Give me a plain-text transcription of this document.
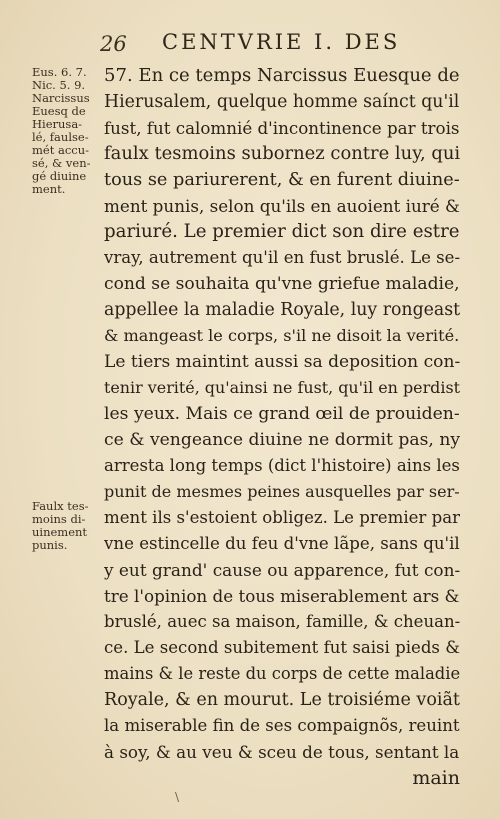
26 CENTVRIE I. DES
Eus. 6. 7.
Nic. 5. 9.
Narcissus
Euesq de
Hierusa-
lé, faulse-
mét accu-
sé, & ven-
gé diuine
ment.
Faulx tes-
moins di-
uinement
punis.
57. En ce temps Narcissus Euesque de
Hierusalem, quelque homme saínct qu'il
fust, fut calomnié d'incontinence par trois
faulx tesmoins subornez contre luy, qui
tous se pariurerent, & en furent diuine-
ment punis, selon qu'ils en auoient iuré &
pariuré. Le premier dict son dire estre
vray, autrement qu'il en fust bruslé. Le se-
cond se souhaita qu'vne griefue maladie,
appellee la maladie Royale, luy rongeast
& mangeast le corps, s'il ne disoit la verité.
Le tiers maintint aussi sa deposition con-
tenir verité, qu'ainsi ne fust, qu'il en perdist
les yeux. Mais ce grand œil de prouiden-
ce & vengeance diuine ne dormit pas, ny
arresta long temps (dict l'histoire) ains les
punit de mesmes peines ausquelles par ser-
ment ils s'estoient obligez. Le premier par
vne estincelle du feu d'vne lãpe, sans qu'il
y eut grand' cause ou apparence, fut con-
tre l'opinion de tous miserablement ars &
bruslé, auec sa maison, famille, & cheuan-
ce. Le second subitement fut saisi pieds &
mains & le reste du corps de cette maladie
Royale, & en mourut. Le troisiéme voiãt
la miserable fin de ses compaignõs, reuint
à soy, & au veu & sceu de tous, sentant la
main
\
